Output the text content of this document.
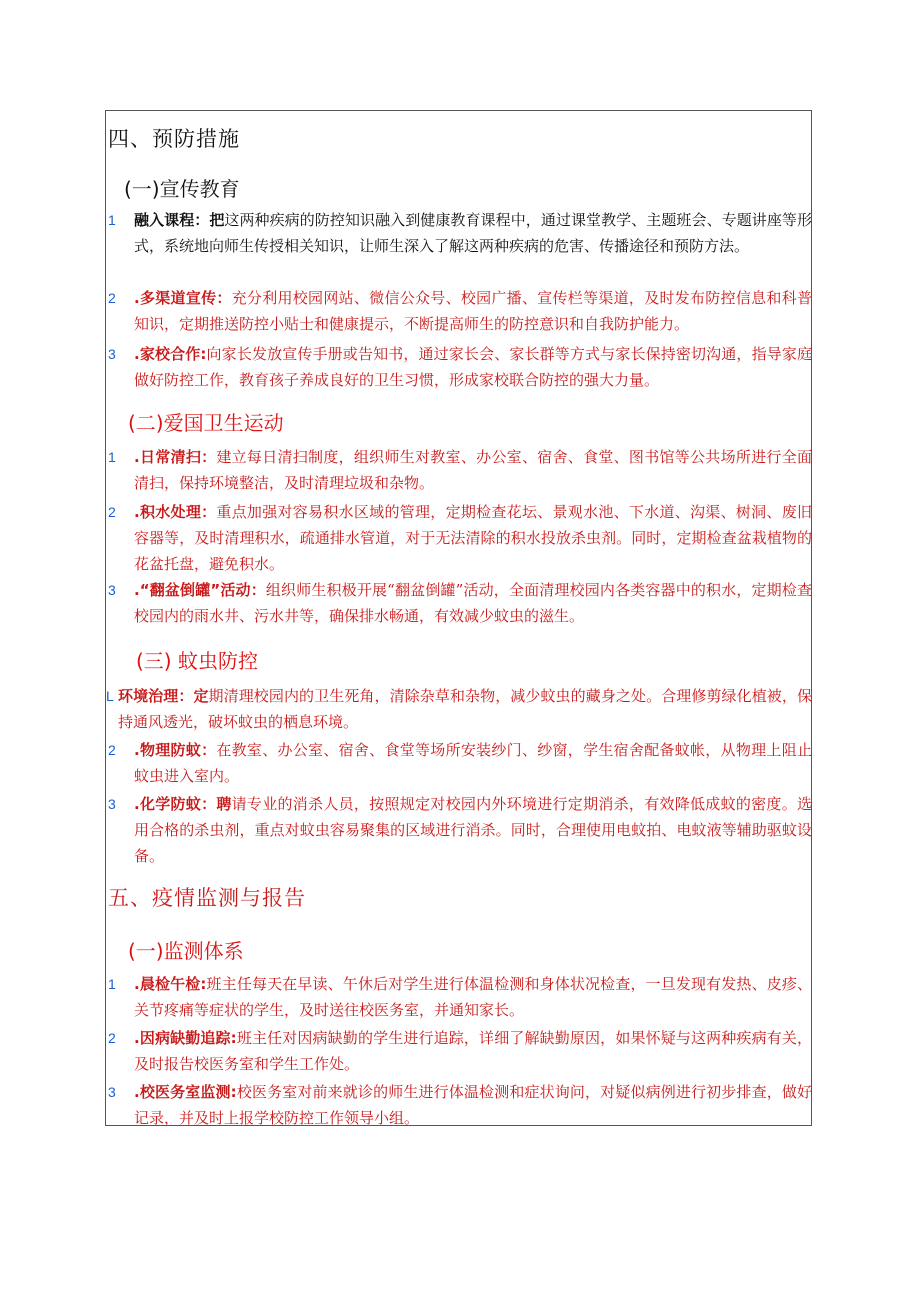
四、预防措施
(一)宣传教育
1 融入课程：把这两种疾病的防控知识融入到健康教育课程中，通过课堂教学、主题班会、专题讲座等形式，系统地向师生传授相关知识，让师生深入了解这两种疾病的危害、传播途径和预防方法。
2 .多渠道宣传：充分利用校园网站、微信公众号、校园广播、宣传栏等渠道，及时发布防控信息和科普知识，定期推送防控小贴士和健康提示，不断提高师生的防控意识和自我防护能力。
3 .家校合作:向家长发放宣传手册或告知书，通过家长会、家长群等方式与家长保持密切沟通，指导家庭做好防控工作，教育孩子养成良好的卫生习惯，形成家校联合防控的强大力量。
(二)爱国卫生运动
1 .日常清扫：建立每日清扫制度，组织师生对教室、办公室、宿舍、食堂、图书馆等公共场所进行全面清扫，保持环境整洁，及时清理垃圾和杂物。
2 .积水处理：重点加强对容易积水区域的管理，定期检查花坛、景观水池、下水道、沟渠、树洞、废旧容器等，及时清理积水，疏通排水管道，对于无法清除的积水投放杀虫剂。同时，定期检查盆栽植物的花盆托盘，避免积水。
3 .“翻盆倒罐”活动：组织师生积极开展“翻盆倒罐”活动，全面清理校园内各类容器中的积水，定期检查校园内的雨水井、污水井等，确保排水畅通，有效减少蚊虫的滋生。
(三) 蚊虫防控
L 环境治理：定期清理校园内的卫生死角，清除杂草和杂物，减少蚊虫的藏身之处。合理修剪绿化植被，保持通风透光，破坏蚊虫的栖息环境。
2 .物理防蚊：在教室、办公室、宿舍、食堂等场所安装纱门、纱窗，学生宿舍配备蚊帐，从物理上阻止蚊虫进入室内。
3 .化学防蚊：聘请专业的消杀人员，按照规定对校园内外环境进行定期消杀，有效降低成蚊的密度。选用合格的杀虫剂，重点对蚊虫容易聚集的区域进行消杀。同时，合理使用电蚊拍、电蚊液等辅助驱蚊设备。
五、疫情监测与报告
(一)监测体系
1 .晨检午检:班主任每天在早读、午休后对学生进行体温检测和身体状况检查，一旦发现有发热、皮疹、关节疼痛等症状的学生，及时送往校医务室，并通知家长。
2 .因病缺勤追踪:班主任对因病缺勤的学生进行追踪，详细了解缺勤原因，如果怀疑与这两种疾病有关，及时报告校医务室和学生工作处。
3 .校医务室监测:校医务室对前来就诊的师生进行体温检测和症状询问，对疑似病例进行初步排查，做好记录，并及时上报学校防控工作领导小组。
